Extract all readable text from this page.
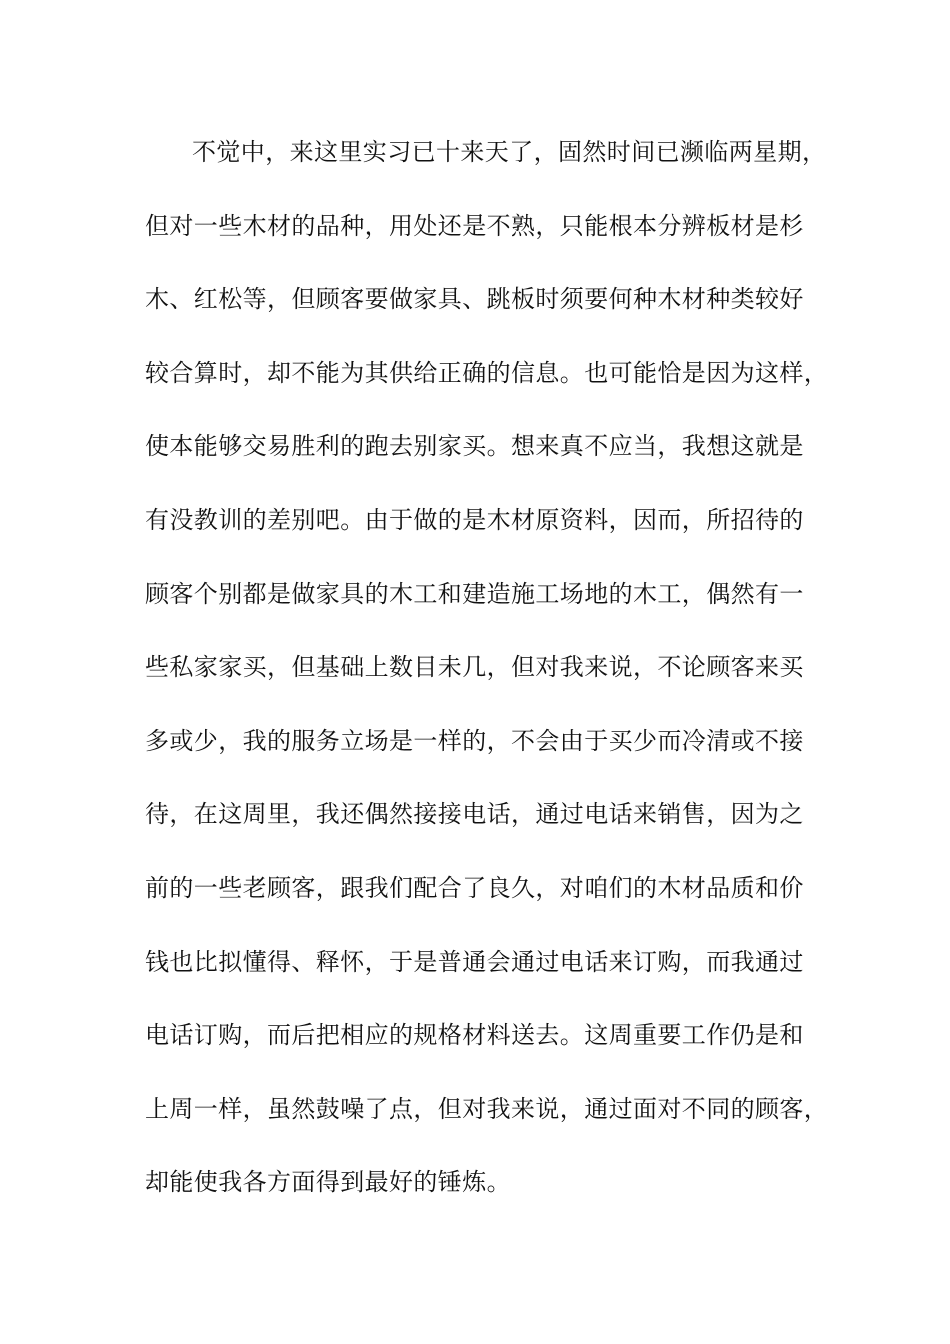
不觉中，来这里实习已十来天了，固然时间已濒临两星期，
但对一些木材的品种，用处还是不熟，只能根本分辨板材是杉
木、红松等，但顾客要做家具、跳板时须要何种木材种类较好
较合算时，却不能为其供给正确的信息。也可能恰是因为这样，
使本能够交易胜利的跑去别家买。想来真不应当，我想这就是
有没教训的差别吧。由于做的是木材原资料，因而，所招待的
顾客个别都是做家具的木工和建造施工场地的木工，偶然有一
些私家家买，但基础上数目未几，但对我来说，不论顾客来买
多或少，我的服务立场是一样的，不会由于买少而冷清或不接
待，在这周里，我还偶然接接电话，通过电话来销售，因为之
前的一些老顾客，跟我们配合了良久，对咱们的木材品质和价
钱也比拟懂得、释怀，于是普通会通过电话来订购，而我通过
电话订购，而后把相应的规格材料送去。这周重要工作仍是和
上周一样，虽然鼓噪了点，但对我来说，通过面对不同的顾客，
却能使我各方面得到最好的锤炼。
